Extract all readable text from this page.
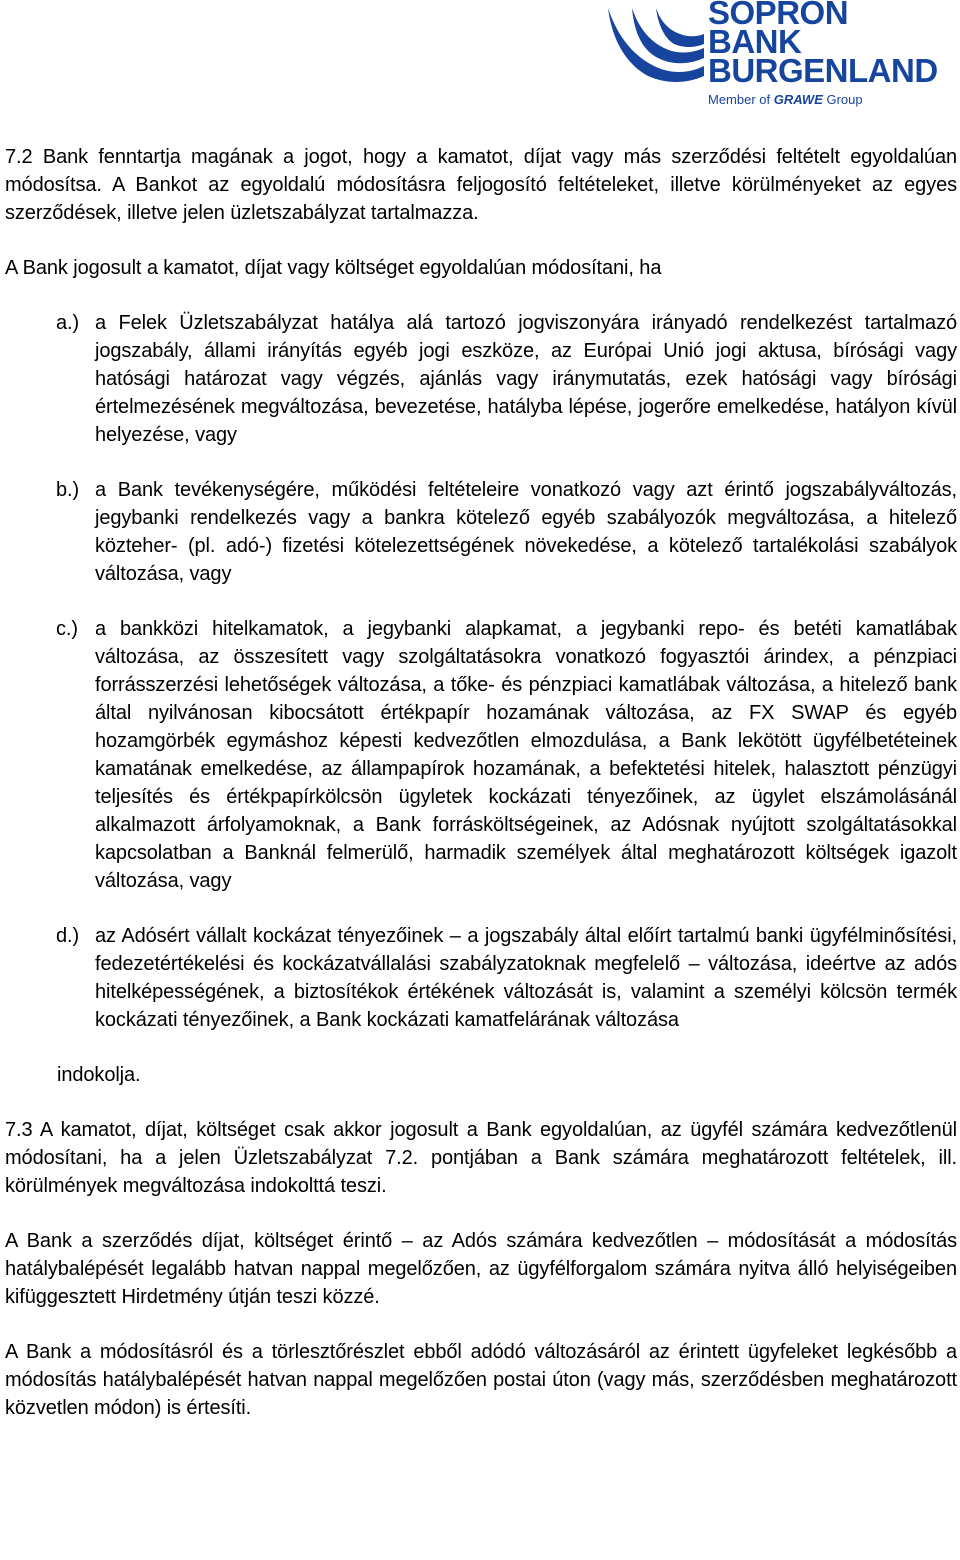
SOPRON
BANK
BURGENLAND
Member of GRAWE Group

7.2 Bank fenntartja magának a jogot, hogy a kamatot, díjat vagy más szerződési feltételt egyoldalúan módosítsa. A Bankot az egyoldalú módosításra feljogosító feltételeket, illetve körülményeket az egyes szerződések, illetve jelen üzletszabályzat tartalmazza.

A Bank jogosult a kamatot, díjat vagy költséget egyoldalúan módosítani, ha

a.) a Felek Üzletszabályzat hatálya alá tartozó jogviszonyára irányadó rendelkezést tartalmazó jogszabály, állami irányítás egyéb jogi eszköze, az Európai Unió jogi aktusa, bírósági vagy hatósági határozat vagy végzés, ajánlás vagy iránymutatás, ezek hatósági vagy bírósági értelmezésének megváltozása, bevezetése, hatályba lépése, jogerőre emelkedése, hatályon kívül helyezése, vagy
b.) a Bank tevékenységére, működési feltételeire vonatkozó vagy azt érintő jogszabályváltozás, jegybanki rendelkezés vagy a bankra kötelező egyéb szabályozók megváltozása, a hitelező közteher- (pl. adó-) fizetési kötelezettségének növekedése, a kötelező tartalékolási szabályok változása, vagy
c.) a bankközi hitelkamatok, a jegybanki alapkamat, a jegybanki repo- és betéti kamatlábak változása, az összesített vagy szolgáltatásokra vonatkozó fogyasztói árindex, a pénzpiaci forrásszerzési lehetőségek változása, a tőke- és pénzpiaci kamatlábak változása, a hitelező bank által nyilvánosan kibocsátott értékpapír hozamának változása, az FX SWAP és egyéb hozamgörbék egymáshoz képesti kedvezőtlen elmozdulása, a Bank lekötött ügyfélbetéteinek kamatának emelkedése, az állampapírok hozamának, a befektetési hitelek, halasztott pénzügyi teljesítés és értékpapírkölcsön ügyletek kockázati tényezőinek, az ügylet elszámolásánál alkalmazott árfolyamoknak, a Bank forrásköltségeinek, az Adósnak nyújtott szolgáltatásokkal kapcsolatban a Banknál felmerülő, harmadik személyek által meghatározott költségek igazolt változása, vagy
d.) az Adósért vállalt kockázat tényezőinek – a jogszabály által előírt tartalmú banki ügyfélminősítési, fedezetértékelési és kockázatvállalási szabályzatoknak megfelelő – változása, ideértve az adós hitelképességének, a biztosítékok értékének változását is, valamint a személyi kölcsön termék kockázati tényezőinek, a Bank kockázati kamatfelárának változása

indokolja.

7.3 A kamatot, díjat, költséget csak akkor jogosult a Bank egyoldalúan, az ügyfél számára kedvezőtlenül módosítani, ha a jelen Üzletszabályzat 7.2. pontjában a Bank számára meghatározott feltételek, ill. körülmények megváltozása indokolttá teszi.

A Bank a szerződés díjat, költséget érintő – az Adós számára kedvezőtlen – módosítását a módosítás hatálybalépését legalább hatvan nappal megelőzően, az ügyfélforgalom számára nyitva álló helyiségeiben kifüggesztett Hirdetmény útján teszi közzé.

A Bank a módosításról és a törlesztőrészlet ebből adódó változásáról az érintett ügyfeleket legkésőbb a módosítás hatálybalépését hatvan nappal megelőzően postai úton (vagy más, szerződésben meghatározott közvetlen módon) is értesíti.
